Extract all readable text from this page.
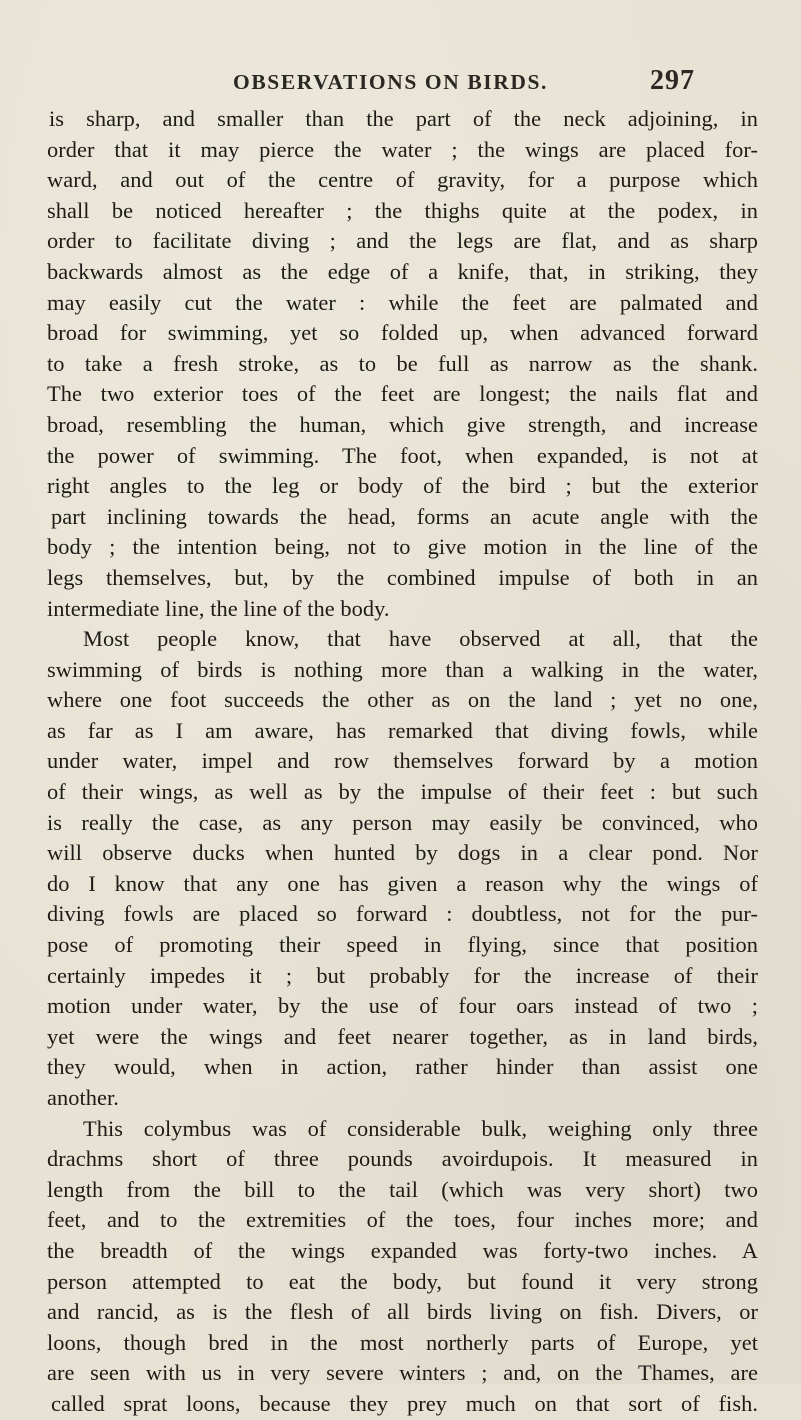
OBSERVATIONS ON BIRDS.	297
is sharp, and smaller than the part of the neck adjoining, in
order that it may pierce the water ; the wings are placed for-
ward, and out of the centre of gravity, for a purpose which
shall be noticed hereafter ; the thighs quite at the podex, in
order to facilitate diving ; and the legs are flat, and as sharp
backwards almost as the edge of a knife, that, in striking, they
may easily cut the water : while the feet are palmated and
broad for swimming, yet so folded up, when advanced forward
to take a fresh stroke, as to be full as narrow as the shank.
The two exterior toes of the feet are longest; the nails flat and
broad, resembling the human, which give strength, and increase
the power of swimming. The foot, when expanded, is not at
right angles to the leg or body of the bird ; but the exterior
part inclining towards the head, forms an acute angle with the
body ; the intention being, not to give motion in the line of the
legs themselves, but, by the combined impulse of both in an
intermediate line, the line of the body.
Most people know, that have observed at all, that the
swimming of birds is nothing more than a walking in the water,
where one foot succeeds the other as on the land ; yet no one,
as far as I am aware, has remarked that diving fowls, while
under water, impel and row themselves forward by a motion
of their wings, as well as by the impulse of their feet : but such
is really the case, as any person may easily be convinced, who
will observe ducks when hunted by dogs in a clear pond. Nor
do I know that any one has given a reason why the wings of
diving fowls are placed so forward : doubtless, not for the pur-
pose of promoting their speed in flying, since that position
certainly impedes it ; but probably for the increase of their
motion under water, by the use of four oars instead of two ;
yet were the wings and feet nearer together, as in land birds,
they would, when in action, rather hinder than assist one
another.
This colymbus was of considerable bulk, weighing only three
drachms short of three pounds avoirdupois. It measured in
length from the bill to the tail (which was very short) two
feet, and to the extremities of the toes, four inches more; and
the breadth of the wings expanded was forty-two inches. A
person attempted to eat the body, but found it very strong
and rancid, as is the flesh of all birds living on fish. Divers, or
loons, though bred in the most northerly parts of Europe, yet
are seen with us in very severe winters ; and, on the Thames, are
called sprat loons, because they prey much on that sort of fish.
